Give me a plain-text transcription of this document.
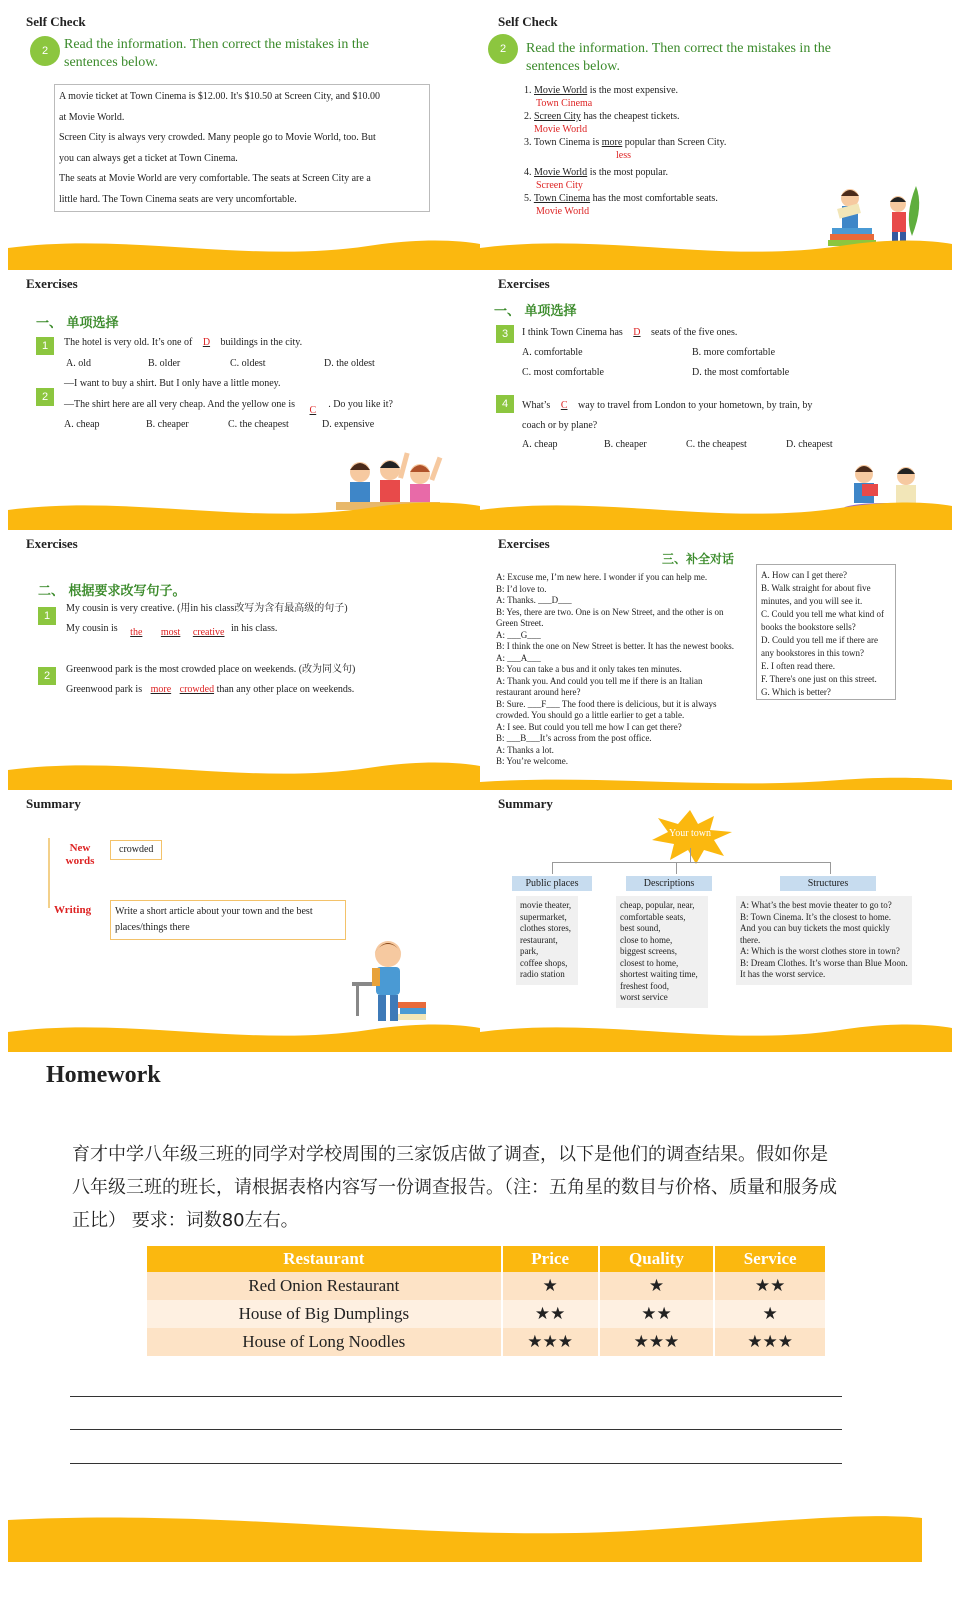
Self Check
2	Read the information. Then correct the mistakes in the sentences below.
A movie ticket at Town Cinema is $12.00. It's $10.50 at Screen City, and $10.00
at Movie World.
Screen City is always very crowded. Many people go to Movie World, too. But
you can always get a ticket at Town Cinema.
The seats at Movie World are very comfortable. The seats at Screen City are a
little hard. The Town Cinema seats are very uncomfortable.
Self Check
2	Read the information. Then correct the mistakes in the sentences below.
1. Movie World is the most expensive.
Town Cinema
2. Screen City has the cheapest tickets.
Movie World
3. Town Cinema is more popular than Screen City.
less
4. Movie World is the most popular.
Screen City
5. Town Cinema has the most comfortable seats.
Movie World
Exercises
一、 单项选择
1	The hotel is very old. It’s one of D buildings in the city.
A. old	B. older	C. oldest	D. the oldest
—I want to buy a shirt. But I only have a little money.
2
—The shirt here are all very cheap. And the yellow one is C. Do you like it?
A. cheap	B. cheaper	C. the cheapest	D. expensive
Exercises
一、 单项选择
3	I think Town Cinema has D seats of the five ones.
A. comfortable	B. more comfortable
C. most comfortable	D. the most comfortable
4	What’s C way to travel from London to your hometown, by train, by
coach or by plane?
A. cheap	B. cheaper	C. the cheapest	D. cheapest
Exercises
二、 根据要求改写句子。
1
My cousin is very creative. (用in his class改写为含有最高级的句子)
My cousin is the most creative in his class.
2
Greenwood park is the most crowded place on weekends. (改为同义句)
Greenwood park is more crowded than any other place on weekends.
Exercises
三、补全对话
A: Excuse me, I’m new here. I wonder if you can help me.
B: I’d love to.
A: Thanks. ___D___
B: Yes, there are two. One is on New Street, and the other is on
Green Street.
A: ___G___
B: I think the one on New Street is better. It has the newest books.
A: ___A___
B: You can take a bus and it only takes ten minutes.
A: Thank you. And could you tell me if there is an Italian
restaurant around here?
B: Sure. ___F___ The food there is delicious, but it is always
crowded. You should go a little earlier to get a table.
A: I see. But could you tell me how I can get there?
B: ___B___It’s across from the post office.
A: Thanks a lot.
B: You’re welcome.
A. How can I get there?
B. Walk straight for about five minutes, and you will see it.
C. Could you tell me what kind of books the bookstore sells?
D. Could you tell me if there are any bookstores in this town?
E. I often read there.
F. There's one just on this street.
G. Which is better?
Summary
New words
crowded
Writing	Write a short article about your town and the best places/things there
Summary
Your town
Public places	Descriptions	Structures
movie theater,
supermarket,
clothes stores,
restaurant,
park,
coffee shops,
radio station
cheap, popular, near,
comfortable seats,
best sound,
close to home,
biggest screens,
closest to home,
shortest waiting time,
freshest food,
worst service
A: What’s the best movie theater to go to?
B: Town Cinema. It’s the closest to home. And you can buy tickets the most quickly there.
A: Which is the worst clothes store in town?
B: Dream Clothes. It’s worse than Blue Moon. It has the worst service.
Homework
育才中学八年级三班的同学对学校周围的三家饭店做了调查，以下是他们的调查结果。假如你是八年级三班的班长，请根据表格内容写一份调查报告。（注：五角星的数目与价格、质量和服务成正比） 要求：词数80左右。
Restaurant	Price	Quality	Service
Red Onion Restaurant	★	★	★★
House of Big Dumplings	★★	★★	★
House of Long Noodles	★★★	★★★	★★★
